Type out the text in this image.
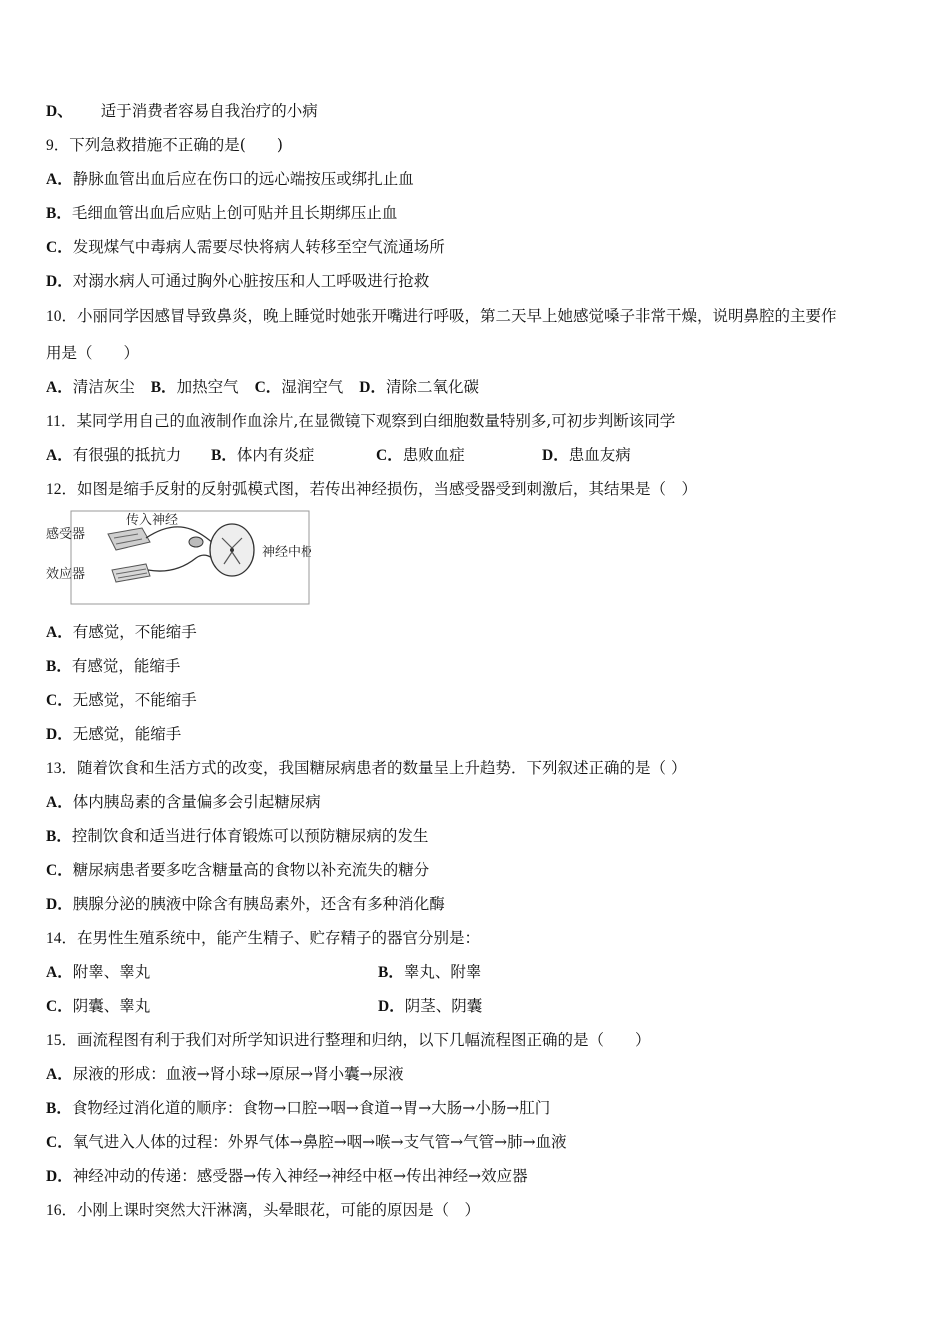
D、 适于消费者容易自我治疗的小病
9．下列急救措施不正确的是(　　)
A．静脉血管出血后应在伤口的远心端按压或绑扎止血
B．毛细血管出血后应贴上创可贴并且长期绑压止血
C．发现煤气中毒病人需要尽快将病人转移至空气流通场所
D．对溺水病人可通过胸外心脏按压和人工呼吸进行抢救
10．小丽同学因感冒导致鼻炎，晚上睡觉时她张开嘴进行呼吸，第二天早上她感觉嗓子非常干燥，说明鼻腔的主要作
用是（　　）
A．清洁灰尘 B．加热空气 C．湿润空气 D．清除二氧化碳
11．某同学用自己的血液制作血涂片,在显微镜下观察到白细胞数量特别多,可初步判断该同学
A．有很强的抵抗力 B．体内有炎症	C．患败血症	D．患血友病
12．如图是缩手反射的反射弧模式图，若传出神经损伤，当感受器受到刺激后，其结果是（　）
感受器
传入神经
神经中枢
效应器
A．有感觉，不能缩手
B．有感觉，能缩手
C．无感觉，不能缩手
D．无感觉，能缩手
13．随着饮食和生活方式的改变，我国糖尿病患者的数量呈上升趋势．下列叙述正确的是（ ）
A．体内胰岛素的含量偏多会引起糖尿病
B．控制饮食和适当进行体育锻炼可以预防糖尿病的发生
C．糖尿病患者要多吃含糖量高的食物以补充流失的糖分
D．胰腺分泌的胰液中除含有胰岛素外，还含有多种消化酶
14．在男性生殖系统中，能产生精子、贮存精子的器官分别是：
A．附睾、睾丸	B．睾丸、附睾
C．阴囊、睾丸	D．阴茎、阴囊
15．画流程图有利于我们对所学知识进行整理和归纳，以下几幅流程图正确的是（　　）
A．尿液的形成：血液→肾小球→原尿→肾小囊→尿液
B．食物经过消化道的顺序：食物→口腔→咽→食道→胃→大肠→小肠→肛门
C．氧气进入人体的过程：外界气体→鼻腔→咽→喉→支气管→气管→肺→血液
D．神经冲动的传递：感受器→传入神经→神经中枢→传出神经→效应器
16．小刚上课时突然大汗淋漓，头晕眼花，可能的原因是（　）
